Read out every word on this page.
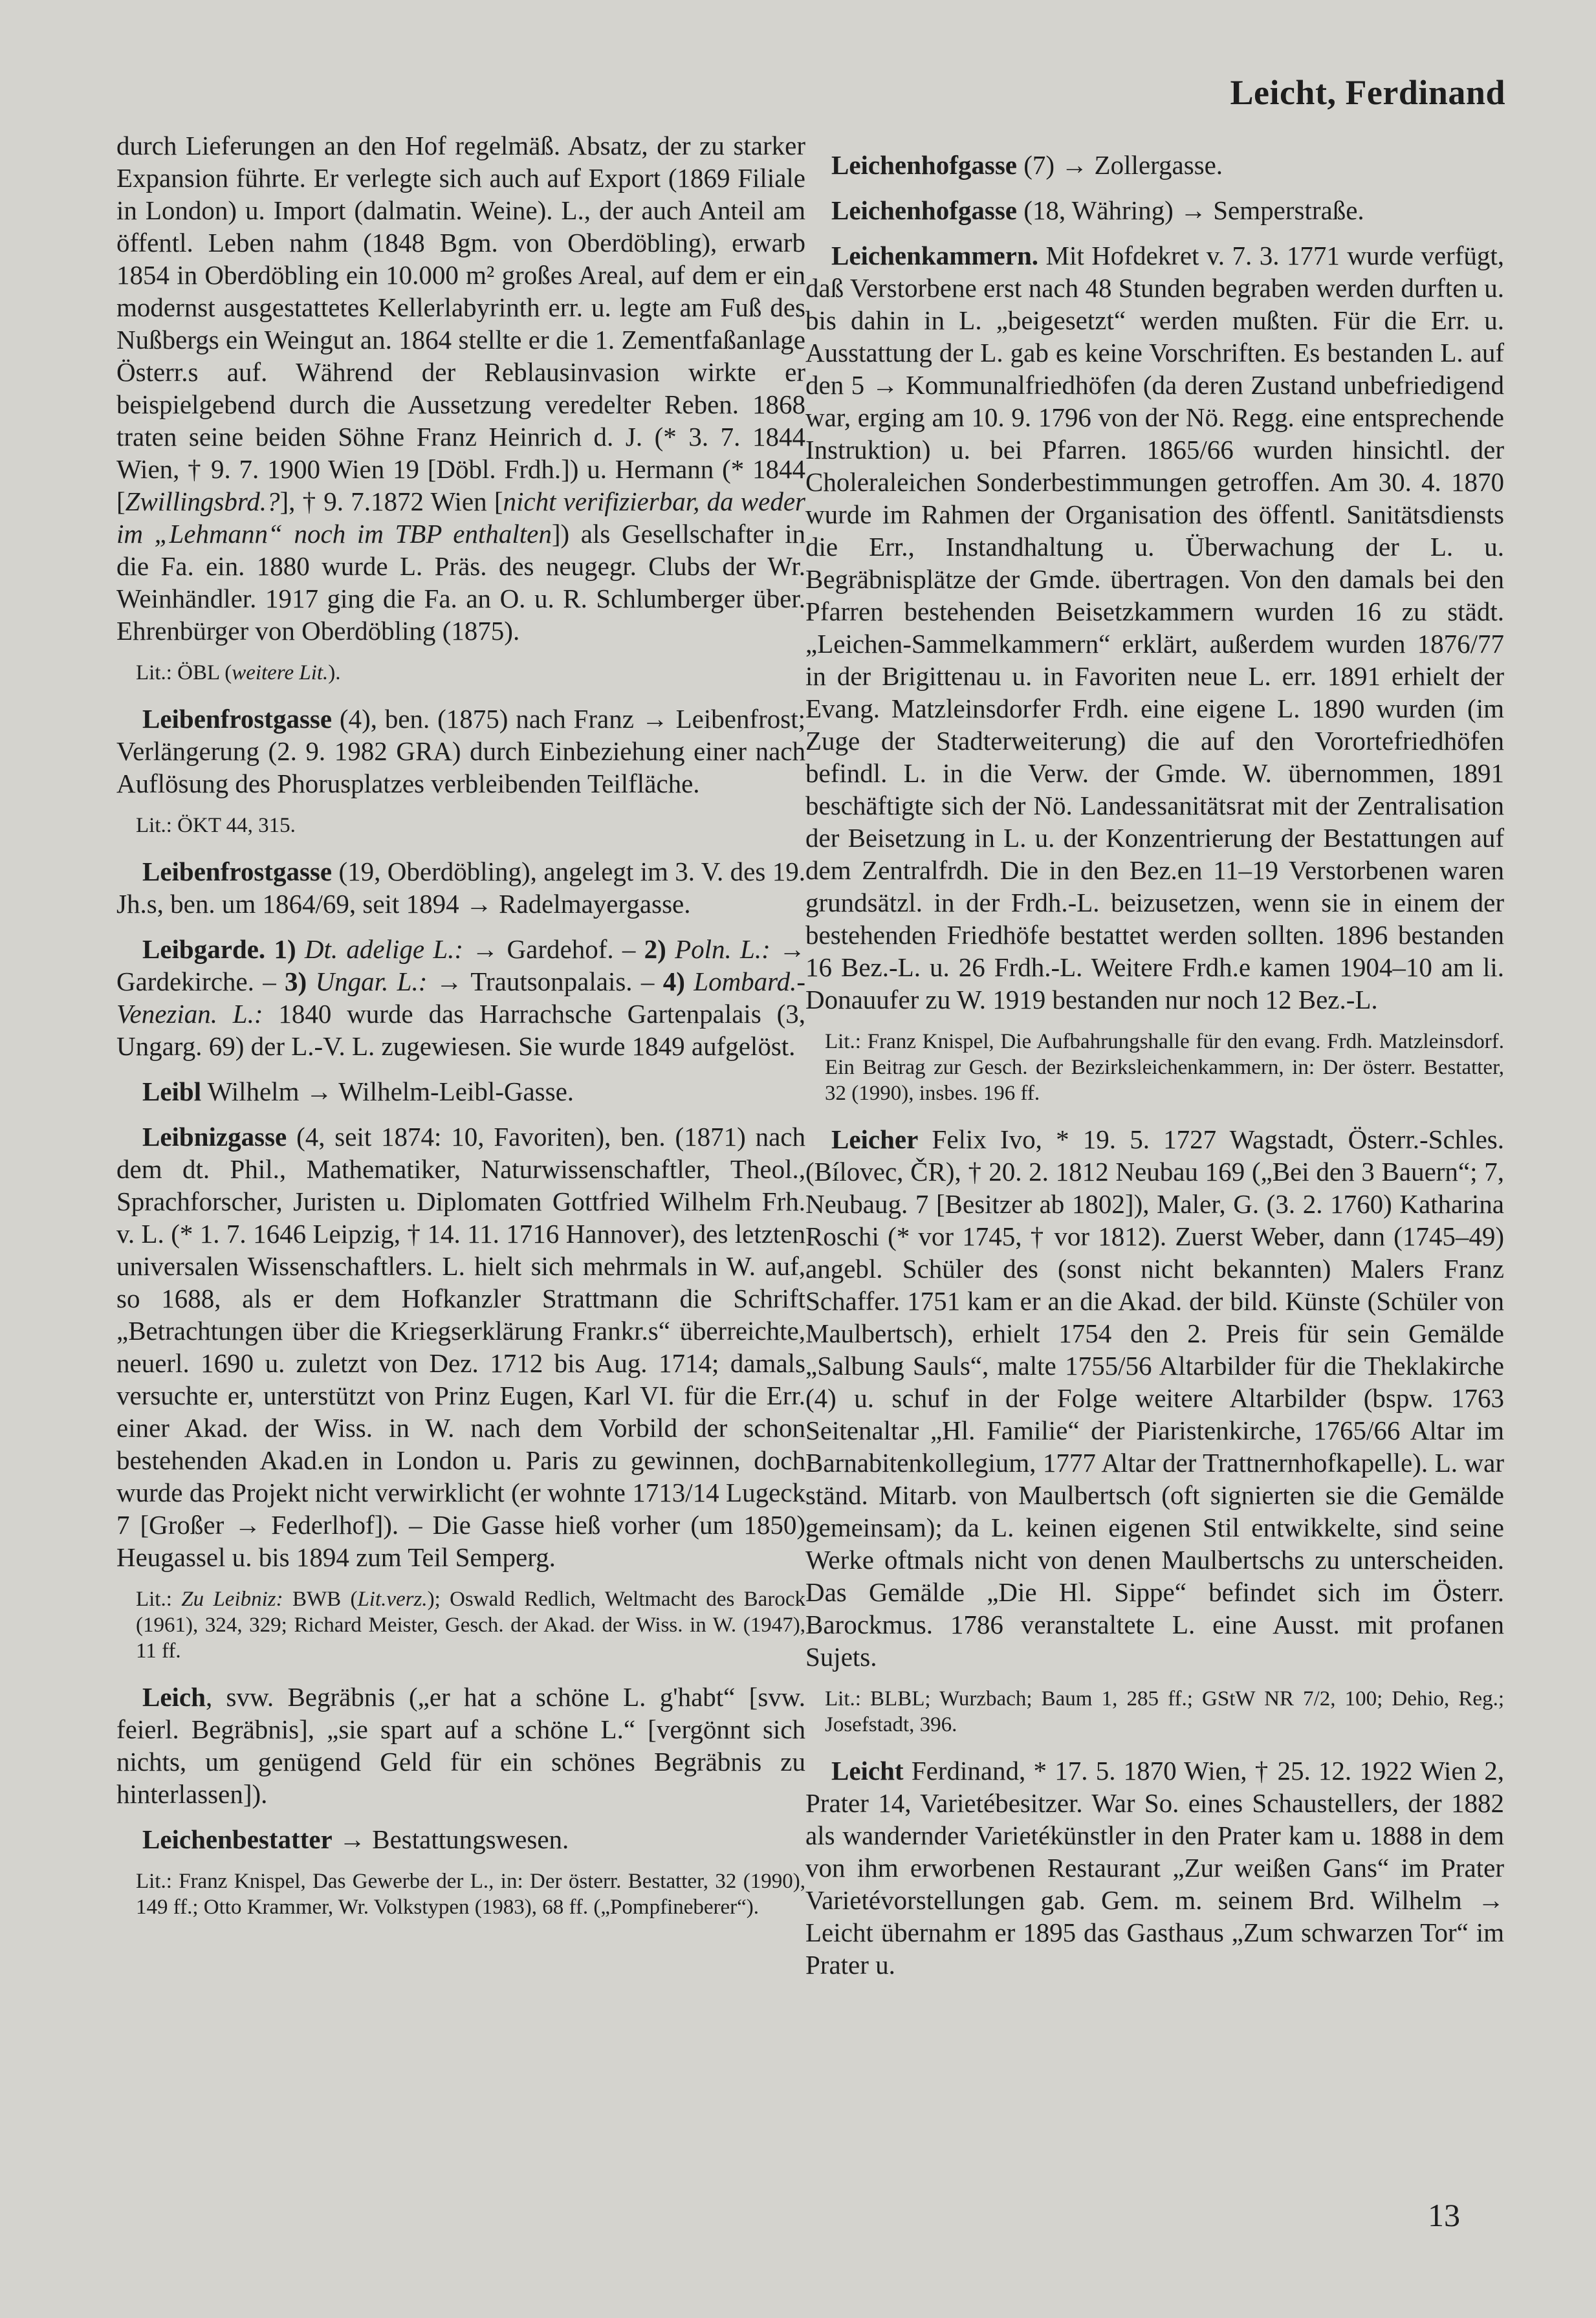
Leicht, Ferdinand
durch Lieferungen an den Hof regelmäß. Absatz, der zu starker Expansion führte. Er verlegte sich auch auf Export (1869 Filiale in London) u. Import (dalmatin. Weine). L., der auch Anteil am öffentl. Leben nahm (1848 Bgm. von Oberdöbling), erwarb 1854 in Oberdöbling ein 10.000 m² großes Areal, auf dem er ein modernst ausgestattetes Kellerlabyrinth err. u. legte am Fuß des Nußbergs ein Weingut an. 1864 stellte er die 1. Zementfaßanlage Österr.s auf. Während der Reblausinvasion wirkte er beispielgebend durch die Aussetzung veredelter Reben. 1868 traten seine beiden Söhne Franz Heinrich d. J. (* 3. 7. 1844 Wien, † 9. 7. 1900 Wien 19 [Döbl. Frdh.]) u. Hermann (* 1844 [Zwillingsbrd.?], † 9. 7.1872 Wien [nicht verifizierbar, da weder im „Lehmann“ noch im TBP enthalten]) als Gesellschafter in die Fa. ein. 1880 wurde L. Präs. des neugegr. Clubs der Wr. Weinhändler. 1917 ging die Fa. an O. u. R. Schlumberger über. Ehrenbürger von Oberdöbling (1875).
Lit.: ÖBL (weitere Lit.).
Leibenfrostgasse (4), ben. (1875) nach Franz → Leibenfrost; Verlängerung (2. 9. 1982 GRA) durch Einbeziehung einer nach Auflösung des Phorusplatzes verbleibenden Teilfläche.
Lit.: ÖKT 44, 315.
Leibenfrostgasse (19, Oberdöbling), angelegt im 3. V. des 19. Jh.s, ben. um 1864/69, seit 1894 → Radelmayergasse.
Leibgarde. 1) Dt. adelige L.: → Gardehof. – 2) Poln. L.: → Gardekirche. – 3) Ungar. L.: → Trautsonpalais. – 4) Lombard.-Venezian. L.: 1840 wurde das Harrachsche Gartenpalais (3, Ungarg. 69) der L.-V. L. zugewiesen. Sie wurde 1849 aufgelöst.
Leibl Wilhelm → Wilhelm-Leibl-Gasse.
Leibnizgasse (4, seit 1874: 10, Favoriten), ben. (1871) nach dem dt. Phil., Mathematiker, Naturwissenschaftler, Theol., Sprachforscher, Juristen u. Diplomaten Gottfried Wilhelm Frh. v. L. (* 1. 7. 1646 Leipzig, † 14. 11. 1716 Hannover), des letzten universalen Wissenschaftlers. L. hielt sich mehrmals in W. auf, so 1688, als er dem Hofkanzler Strattmann die Schrift „Betrachtungen über die Kriegserklärung Frankr.s“ überreichte, neuerl. 1690 u. zuletzt von Dez. 1712 bis Aug. 1714; damals versuchte er, unterstützt von Prinz Eugen, Karl VI. für die Err. einer Akad. der Wiss. in W. nach dem Vorbild der schon bestehenden Akad.en in London u. Paris zu gewinnen, doch wurde das Projekt nicht verwirklicht (er wohnte 1713/14 Lugeck 7 [Großer → Federlhof]). – Die Gasse hieß vorher (um 1850) Heugassel u. bis 1894 zum Teil Semperg.
Lit.: Zu Leibniz: BWB (Lit.verz.); Oswald Redlich, Weltmacht des Barock (1961), 324, 329; Richard Meister, Gesch. der Akad. der Wiss. in W. (1947), 11 ff.
Leich, svw. Begräbnis („er hat a schöne L. g'habt“ [svw. feierl. Begräbnis], „sie spart auf a schöne L.“ [vergönnt sich nichts, um genügend Geld für ein schönes Begräbnis zu hinterlassen]).
Leichenbestatter → Bestattungswesen.
Lit.: Franz Knispel, Das Gewerbe der L., in: Der österr. Bestatter, 32 (1990), 149 ff.; Otto Krammer, Wr. Volkstypen (1983), 68 ff. („Pompfineberer“).
Leichenhofgasse (7) → Zollergasse.
Leichenhofgasse (18, Währing) → Semperstraße.
Leichenkammern. Mit Hofdekret v. 7. 3. 1771 wurde verfügt, daß Verstorbene erst nach 48 Stunden begraben werden durften u. bis dahin in L. „beigesetzt“ werden mußten. Für die Err. u. Ausstattung der L. gab es keine Vorschriften. Es bestanden L. auf den 5 → Kommunalfriedhöfen (da deren Zustand unbefriedigend war, erging am 10. 9. 1796 von der Nö. Regg. eine entsprechende Instruktion) u. bei Pfarren. 1865/66 wurden hinsichtl. der Choleraleichen Sonderbestimmungen getroffen. Am 30. 4. 1870 wurde im Rahmen der Organisation des öffentl. Sanitätsdiensts die Err., Instandhaltung u. Überwachung der L. u. Begräbnisplätze der Gmde. übertragen. Von den damals bei den Pfarren bestehenden Beisetzkammern wurden 16 zu städt. „Leichen-Sammelkammern“ erklärt, außerdem wurden 1876/77 in der Brigittenau u. in Favoriten neue L. err. 1891 erhielt der Evang. Matzleinsdorfer Frdh. eine eigene L. 1890 wurden (im Zuge der Stadterweiterung) die auf den Vorortefriedhöfen befindl. L. in die Verw. der Gmde. W. übernommen, 1891 beschäftigte sich der Nö. Landessanitätsrat mit der Zentralisation der Beisetzung in L. u. der Konzentrierung der Bestattungen auf dem Zentralfrdh. Die in den Bez.en 11–19 Verstorbenen waren grundsätzl. in der Frdh.-L. beizusetzen, wenn sie in einem der bestehenden Friedhöfe bestattet werden sollten. 1896 bestanden 16 Bez.-L. u. 26 Frdh.-L. Weitere Frdh.e kamen 1904–10 am li. Donauufer zu W. 1919 bestanden nur noch 12 Bez.-L.
Lit.: Franz Knispel, Die Aufbahrungshalle für den evang. Frdh. Matzleinsdorf. Ein Beitrag zur Gesch. der Bezirksleichenkammern, in: Der österr. Bestatter, 32 (1990), insbes. 196 ff.
Leicher Felix Ivo, * 19. 5. 1727 Wagstadt, Österr.-Schles. (Bílovec, ČR), † 20. 2. 1812 Neubau 169 („Bei den 3 Bauern“; 7, Neubaug. 7 [Besitzer ab 1802]), Maler, G. (3. 2. 1760) Katharina Roschi (* vor 1745, † vor 1812). Zuerst Weber, dann (1745–49) angebl. Schüler des (sonst nicht bekannten) Malers Franz Schaffer. 1751 kam er an die Akad. der bild. Künste (Schüler von Maulbertsch), erhielt 1754 den 2. Preis für sein Gemälde „Salbung Sauls“, malte 1755/56 Altarbilder für die Theklakirche (4) u. schuf in der Folge weitere Altarbilder (bspw. 1763 Seitenaltar „Hl. Familie“ der Piaristenkirche, 1765/66 Altar im Barnabitenkollegium, 1777 Altar der Trattnernhofkapelle). L. war ständ. Mitarb. von Maulbertsch (oft signierten sie die Gemälde gemeinsam); da L. keinen eigenen Stil entwikkelte, sind seine Werke oftmals nicht von denen Maulbertschs zu unterscheiden. Das Gemälde „Die Hl. Sippe“ befindet sich im Österr. Barockmus. 1786 veranstaltete L. eine Ausst. mit profanen Sujets.
Lit.: BLBL; Wurzbach; Baum 1, 285 ff.; GStW NR 7/2, 100; Dehio, Reg.; Josefstadt, 396.
Leicht Ferdinand, * 17. 5. 1870 Wien, † 25. 12. 1922 Wien 2, Prater 14, Varietébesitzer. War So. eines Schaustellers, der 1882 als wandernder Varietékünstler in den Prater kam u. 1888 in dem von ihm erworbenen Restaurant „Zur weißen Gans“ im Prater Varietévorstellungen gab. Gem. m. seinem Brd. Wilhelm → Leicht übernahm er 1895 das Gasthaus „Zum schwarzen Tor“ im Prater u.
13
